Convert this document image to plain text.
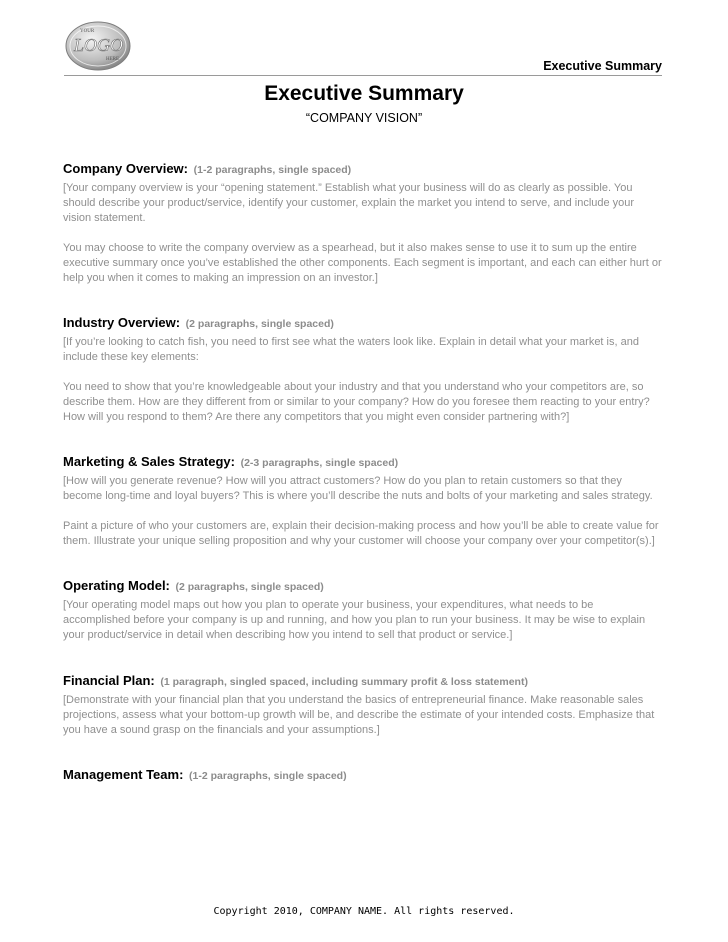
YOUR
LOGO
HERE	Executive Summary
Executive Summary
“COMPANY VISION”

Company Overview: (1-2 paragraphs, single spaced)

[Your company overview is your “opening statement.” Establish what your business will do as clearly as possible. You should describe your product/service, identify your customer, explain the market you intend to serve, and include your vision statement.

You may choose to write the company overview as a spearhead, but it also makes sense to use it to sum up the entire executive summary once you’ve established the other components. Each segment is important, and each can either hurt or help you when it comes to making an impression on an investor.]

Industry Overview: (2 paragraphs, single spaced)

[If you’re looking to catch fish, you need to first see what the waters look like. Explain in detail what your market is, and include these key elements:

You need to show that you’re knowledgeable about your industry and that you understand who your competitors are, so describe them. How are they different from or similar to your company? How do you foresee them reacting to your entry? How will you respond to them? Are there any competitors that you might even consider partnering with?]

Marketing & Sales Strategy: (2-3 paragraphs, single spaced)

[How will you generate revenue? How will you attract customers? How do you plan to retain customers so that they become long-time and loyal buyers? This is where you’ll describe the nuts and bolts of your marketing and sales strategy.

Paint a picture of who your customers are, explain their decision-making process and how you’ll be able to create value for them. Illustrate your unique selling proposition and why your customer will choose your company over your competitor(s).]

Operating Model: (2 paragraphs, single spaced)

[Your operating model maps out how you plan to operate your business, your expenditures, what needs to be accomplished before your company is up and running, and how you plan to run your business. It may be wise to explain your product/service in detail when describing how you intend to sell that product or service.]

Financial Plan: (1 paragraph, singled spaced, including summary profit & loss statement)

[Demonstrate with your financial plan that you understand the basics of entrepreneurial finance. Make reasonable sales projections, assess what your bottom-up growth will be, and describe the estimate of your intended costs. Emphasize that you have a sound grasp on the financials and your assumptions.]

Management Team: (1-2 paragraphs, single spaced)

Copyright 2010, COMPANY NAME. All rights reserved.
